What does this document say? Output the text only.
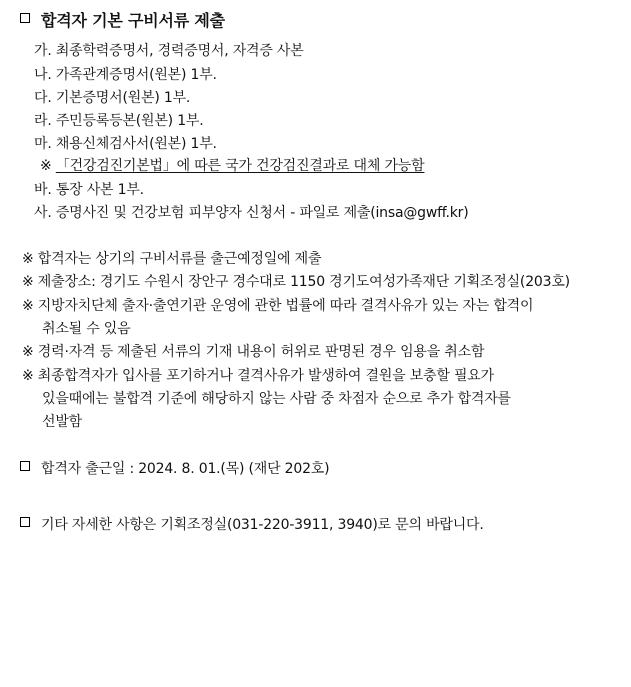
합격자 기본 구비서류 제출
가. 최종학력증명서, 경력증명서, 자격증 사본
나. 가족관계증명서(원본) 1부.
다. 기본증명서(원본) 1부.
라. 주민등록등본(원본) 1부.
마. 채용신체검사서(원본) 1부.
※ 「건강검진기본법」에 따른 국가 건강검진결과로 대체 가능함
바. 통장 사본 1부.
사. 증명사진 및 건강보험 피부양자 신청서 - 파일로 제출(insa@gwff.kr)
※ 합격자는 상기의 구비서류를 출근예정일에 제출
※ 제출장소: 경기도 수원시 장안구 경수대로 1150 경기도여성가족재단 기획조정실(203호)
※ 지방자치단체 출자·출연기관 운영에 관한 법률에 따라 결격사유가 있는 자는 합격이
취소될 수 있음
※ 경력·자격 등 제출된 서류의 기재 내용이 허위로 판명된 경우 임용을 취소함
※ 최종합격자가 입사를 포기하거나 결격사유가 발생하여 결원을 보충할 필요가
있을때에는 불합격 기준에 해당하지 않는 사람 중 차점자 순으로 추가 합격자를
선발함
합격자 출근일 : 2024. 8. 01.(목) (재단 202호)
기타 자세한 사항은 기획조정실(031-220-3911, 3940)로 문의 바랍니다.
